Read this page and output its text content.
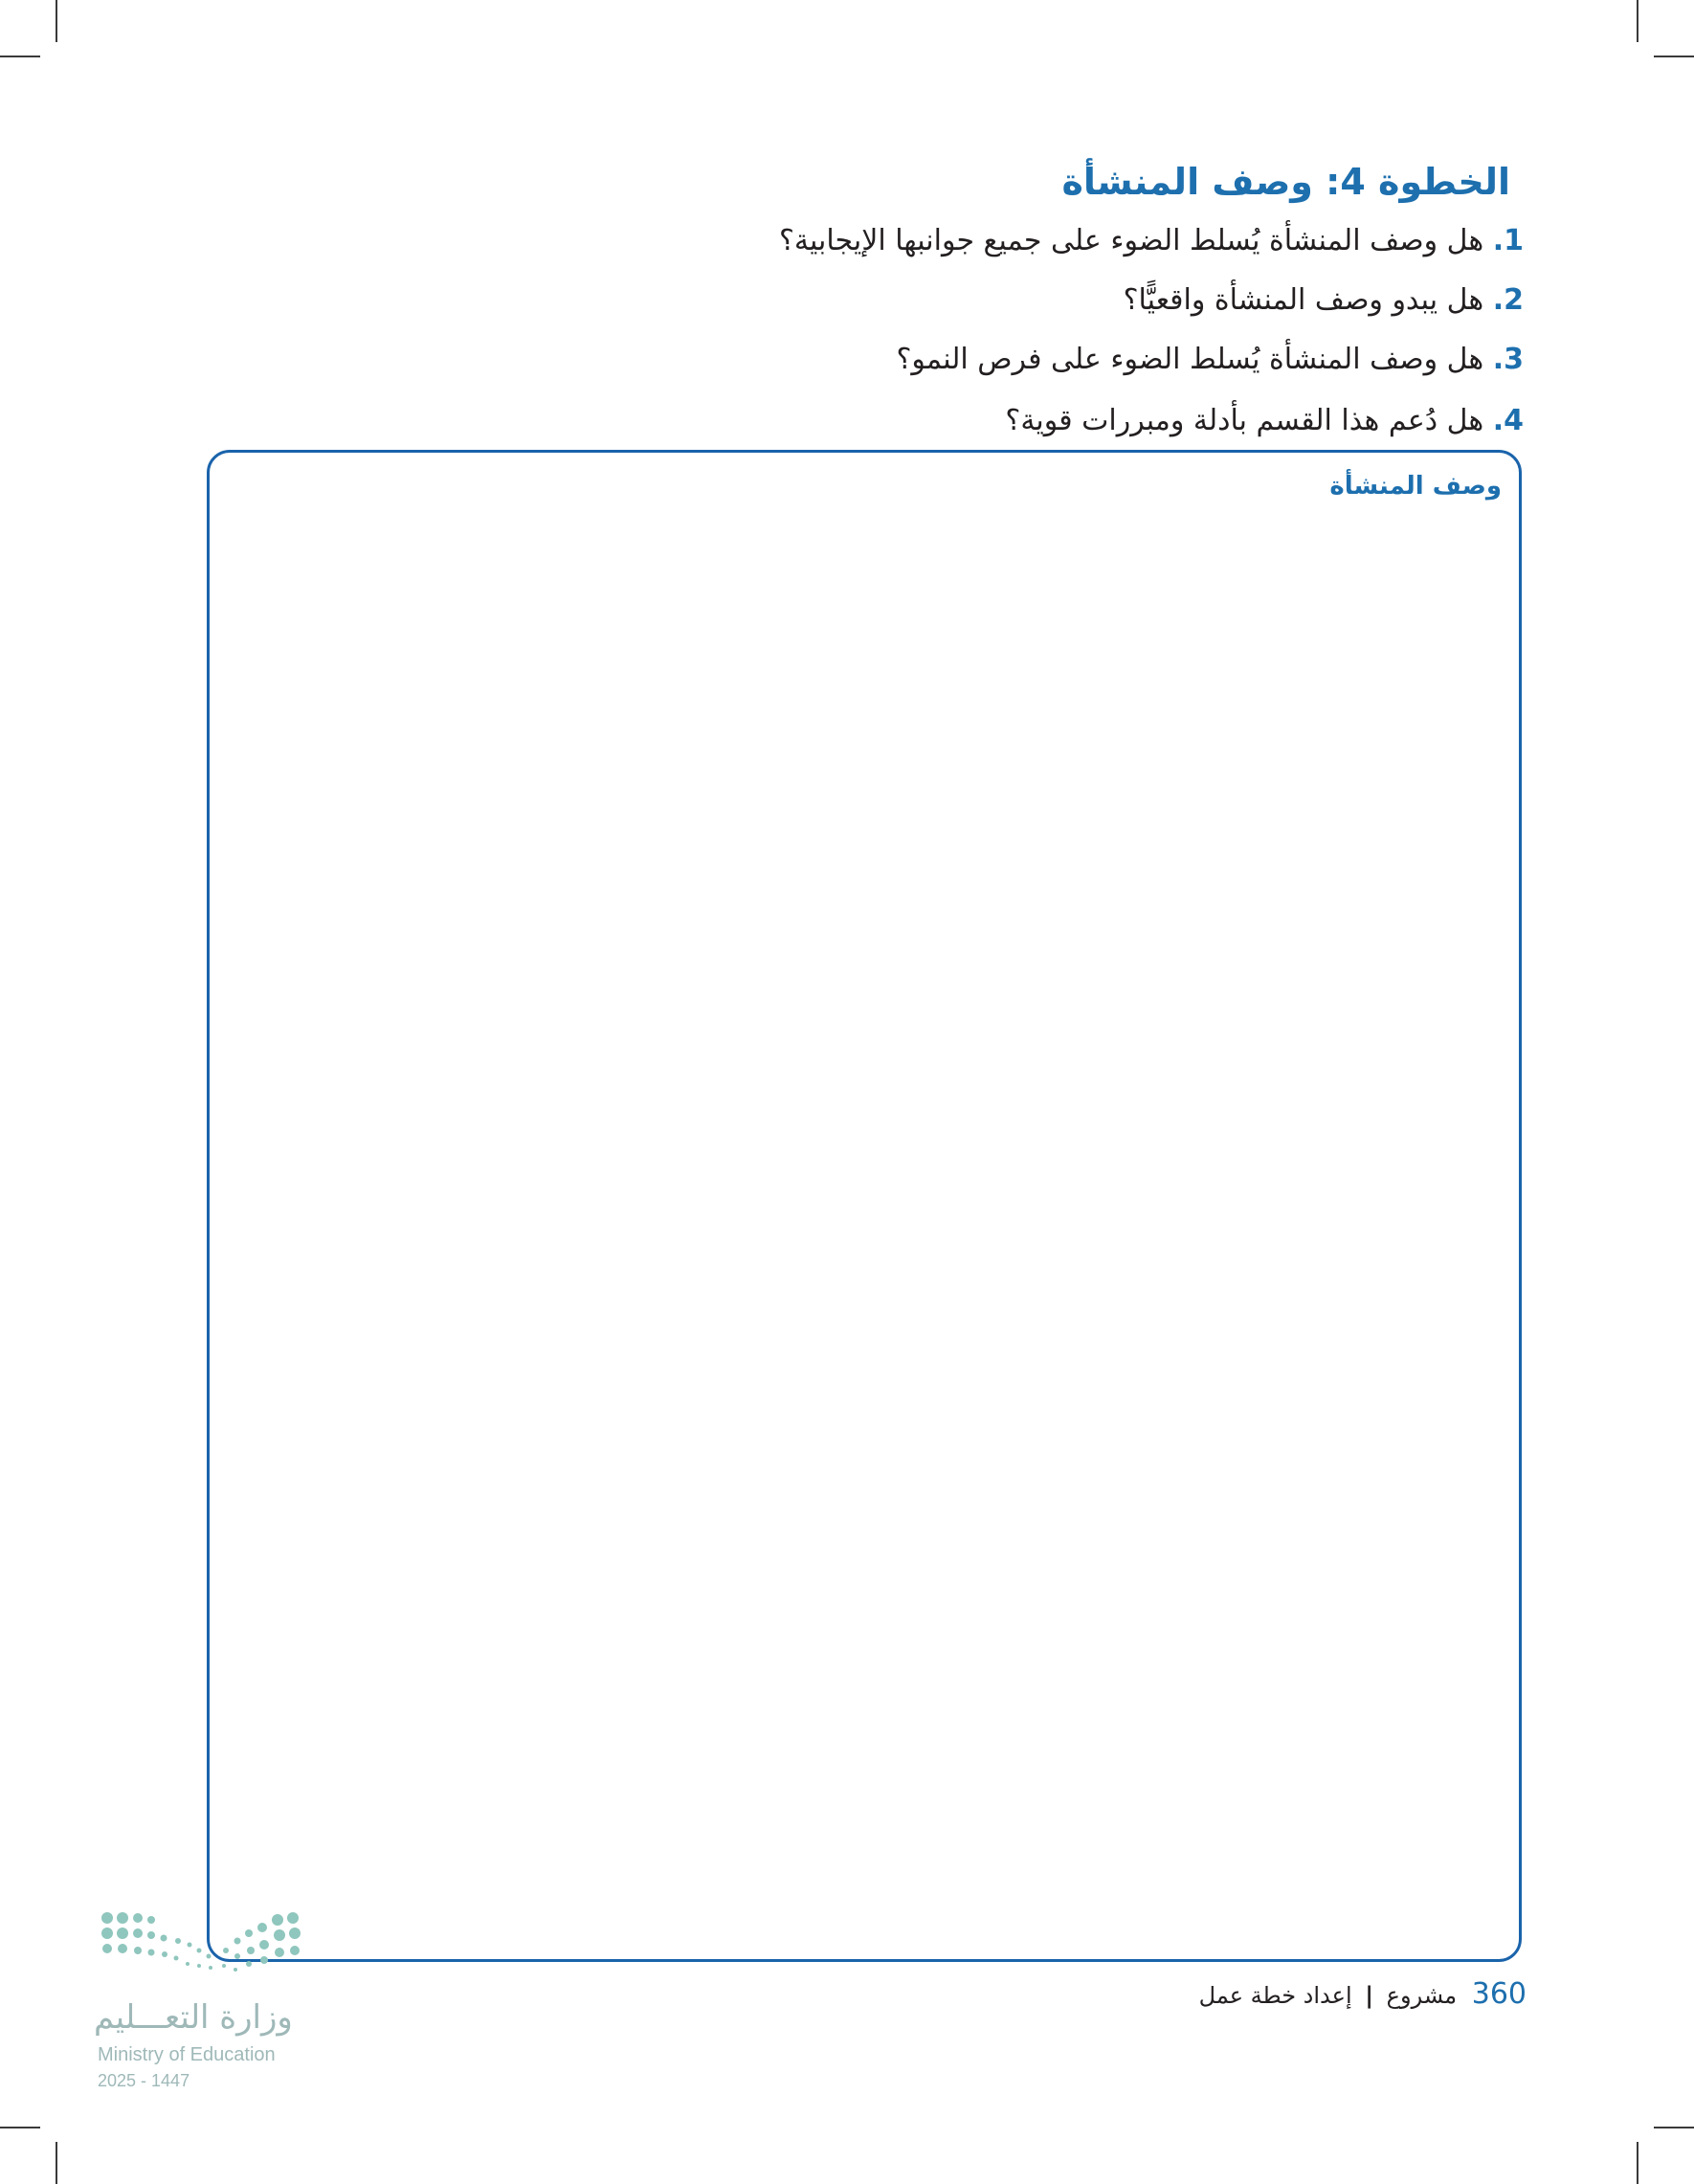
الخطوة 4: وصف المنشأة
1. هل وصف المنشأة يُسلط الضوء على جميع جوانبها الإيجابية؟
2. هل يبدو وصف المنشأة واقعيًّا؟
3. هل وصف المنشأة يُسلط الضوء على فرص النمو؟
4. هل دُعم هذا القسم بأدلة ومبررات قوية؟
وصف المنشأة
360 مشروع | إعداد خطة عمل
وزارة التعـــليم
Ministry of Education
2025 - 1447
